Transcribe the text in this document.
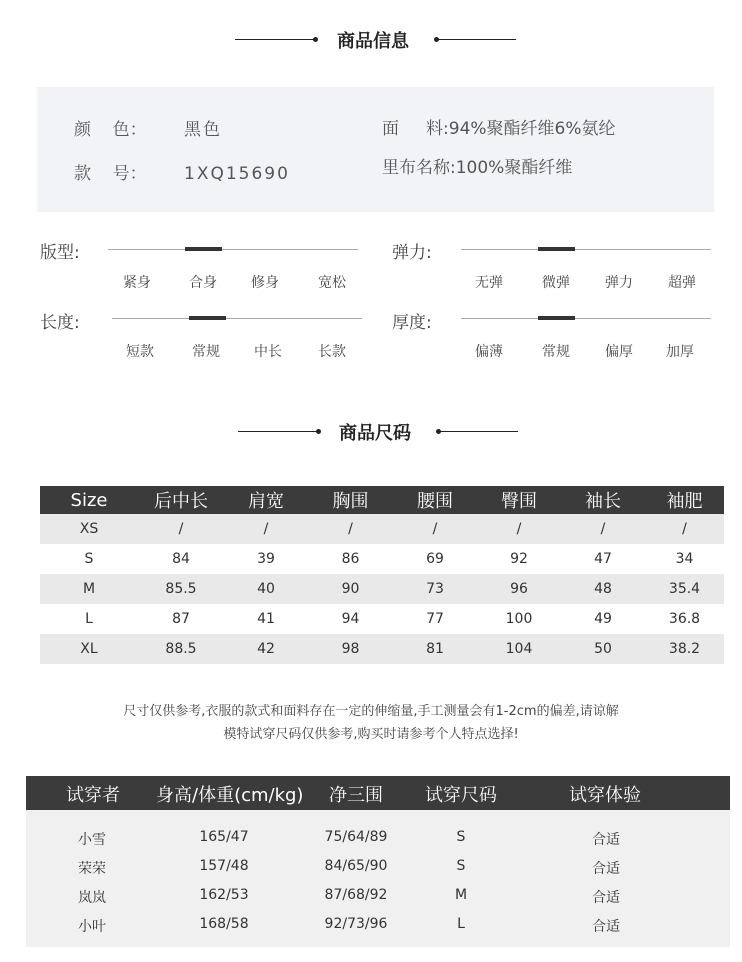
商品信息
颜    色： 黑色
款    号： 1XQ15690
面     料:94%聚酯纤维6%氨纶
里布名称:100%聚酯纤维
版型:
紧身	合身	修身	宽松
弹力:
无弹	微弹	弹力	超弹
长度:
短款	常规	中长	长款
厚度:
偏薄	常规	偏厚	加厚
商品尺码
Size	后中长	肩宽	胸围	腰围	臀围	袖长	袖肥
XS	/	/	/	/	/	/	/
S	84	39	86	69	92	47	34
M	85.5	40	90	73	96	48	35.4
L	87	41	94	77	100	49	36.8
XL	88.5	42	98	81	104	50	38.2
尺寸仅供参考,衣服的款式和面料存在一定的伸缩量,手工测量会有1-2cm的偏差,请谅解
模特试穿尺码仅供参考,购买时请参考个人特点选择!
试穿者 身高/体重(cm/kg) 净三围 试穿尺码	试穿体验
小雪	165/47	75/64/89	S	合适
荣荣	157/48	84/65/90	S	合适
岚岚	162/53	87/68/92	M	合适
小叶	168/58	92/73/96	L	合适
